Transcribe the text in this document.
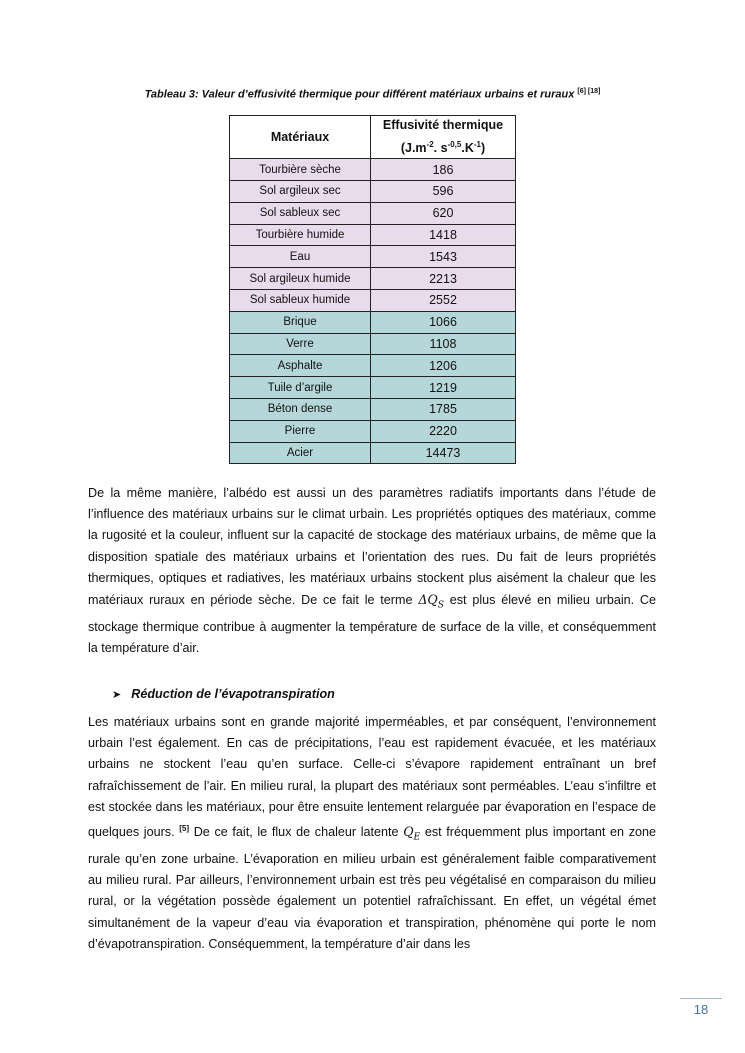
Tableau 3: Valeur d’effusivité thermique pour différent matériaux urbains et ruraux [6] [18]
Matériaux	Effusivité thermique
($J.m^{-2}$. $s^{-0,5}.K^{-1}$)
Tourbière sèche	186
Sol argileux sec	596
Sol sableux sec	620
Tourbière humide	1418
Eau	1543
Sol argileux humide	2213
Sol sableux humide	2552
Brique	1066
Verre	1108
Asphalte	1206
Tuile d’argile	1219
Béton dense	1785
Pierre	2220
Acier	14473

De la même manière, l’albédo est aussi un des paramètres radiatifs importants dans l’étude de l’influence des matériaux urbains sur le climat urbain. Les propriétés optiques des matériaux, comme la rugosité et la couleur, influent sur la capacité de stockage des matériaux urbains, de même que la disposition spatiale des matériaux urbains et l’orientation des rues. Du fait de leurs propriétés thermiques, optiques et radiatives, les matériaux urbains stockent plus aisément la chaleur que les matériaux ruraux en période sèche. De ce fait le terme $\Delta Q_S$ est plus élevé en milieu urbain. Ce stockage thermique contribue à augmenter la température de surface de la ville, et conséquemment la température d’air.

➤ Réduction de l’évapotranspiration

Les matériaux urbains sont en grande majorité imperméables, et par conséquent, l’environnement urbain l’est également. En cas de précipitations, l’eau est rapidement évacuée, et les matériaux urbains ne stockent l’eau qu’en surface. Celle-ci s’évapore rapidement entraînant un bref rafraîchissement de l’air. En milieu rural, la plupart des matériaux sont perméables. L’eau s’infiltre et est stockée dans les matériaux, pour être ensuite lentement relarguée par évaporation en l’espace de quelques jours. [5] De ce fait, le flux de chaleur latente $Q_E$ est fréquemment plus important en zone rurale qu’en zone urbaine. L’évaporation en milieu urbain est généralement faible comparativement au milieu rural. Par ailleurs, l’environnement urbain est très peu végétalisé en comparaison du milieu rural, or la végétation possède également un potentiel rafraîchissant. En effet, un végétal émet simultanément de la vapeur d’eau via évaporation et transpiration, phénomène qui porte le nom d’évapotranspiration. Conséquemment, la température d’air dans les

18
